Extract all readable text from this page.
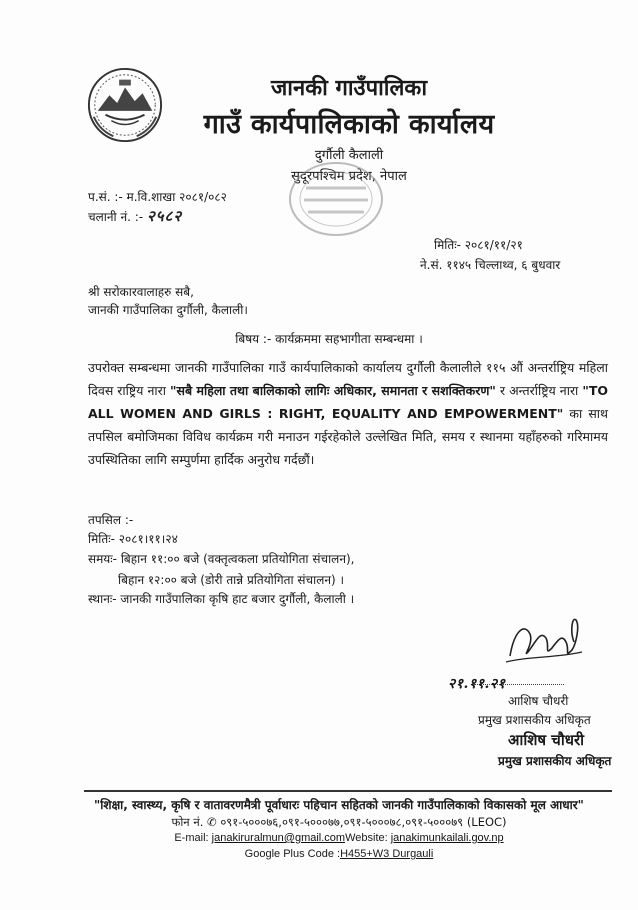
जानकी गाउँपालिका
गाउँ कार्यपालिकाको कार्यालय
दुर्गौली कैलाली
सुदूरपश्चिम प्रदेश, नेपाल
प.सं. :- म.वि.शाखा २०८१/०८२
चलानी नं. :- २५८२
मितिः- २०८१/११/२१
ने.सं. ११४५ चिल्लाथ्व, ६ बुधवार
श्री सरोकारवालाहरु सबै,
जानकी गाउँपालिका दुर्गौली, कैलाली।
बिषय :- कार्यक्रममा सहभागीता सम्बन्धमा ।
उपरोक्त सम्बन्धमा जानकी गाउँपालिका गाउँ कार्यपालिकाको कार्यालय दुर्गौली कैलालीले ११५ औं अन्तर्राष्ट्रिय महिला दिवस राष्ट्रिय नारा "सबै महिला तथा बालिकाको लागिः अधिकार, समानता र सशक्तिकरण" र अन्तर्राष्ट्रिय नारा "TO ALL WOMEN AND GIRLS : RIGHT, EQUALITY AND EMPOWERMENT" का साथ तपसिल बमोजिमका विविध कार्यक्रम गरी मनाउन गईरहेकोले उल्लेखित मिति, समय र स्थानमा यहाँहरुको गरिमामय उपस्थितिका लागि सम्पुर्णमा हार्दिक अनुरोध गर्दछौं।
तपसिल :-
मितिः- २०८१।११।२४
समयः- बिहान ११:०० बजे (वक्तृत्वकला प्रतियोगिता संचालन),
बिहान १२:०० बजे (डोरी तान्ने प्रतियोगिता संचालन) ।
स्थानः- जानकी गाउँपालिका कृषि हाट बजार दुर्गौली, कैलाली ।
२१.११.२१
आशिष चौधरी
प्रमुख प्रशासकीय अधिकृत
आशिष चौधरी
प्रमुख प्रशासकीय अधिकृत
"शिक्षा, स्वास्थ्य, कृषि र वातावरणमैत्री पूर्वाधारः पहिचान सहितको जानकी गाउँपालिकाको विकासको मूल आधार"
फोन नं. ✆ ०९१-५०००७६,०९१-५०००७७,०९१-५०००७८,०९१-५०००७९ (LEOC)
E-mail: janakiruralmun@gmail.comWebsite: janakimunkailali.gov.np
Google Plus Code :H455+W3 Durgauli
